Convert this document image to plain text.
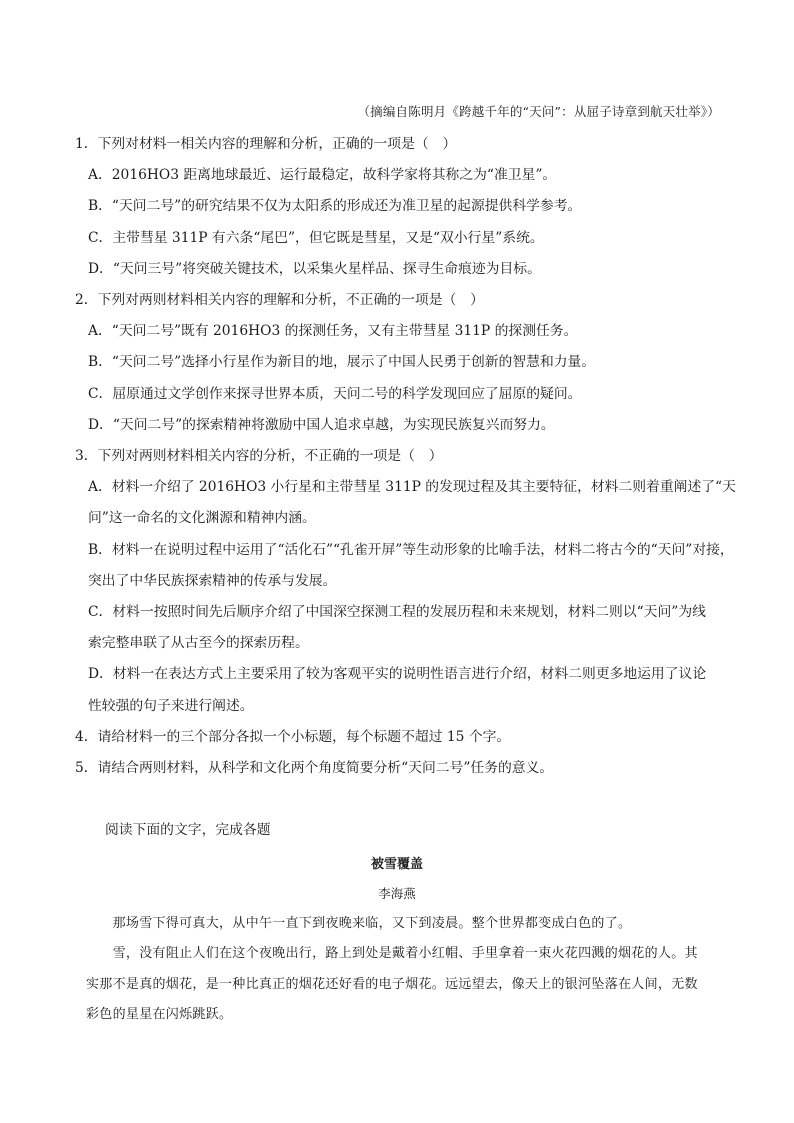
（摘编自陈明月《跨越千年的“天问”：从屈子诗章到航天壮举》）
1．下列对材料一相关内容的理解和分析，正确的一项是（　）
A．2016HO3 距离地球最近、运行最稳定，故科学家将其称之为“准卫星”。
B．“天问二号”的研究结果不仅为太阳系的形成还为准卫星的起源提供科学参考。
C．主带彗星 311P 有六条“尾巴”，但它既是彗星，又是“双小行星”系统。
D．“天问三号”将突破关键技术，以采集火星样品、探寻生命痕迹为目标。
2．下列对两则材料相关内容的理解和分析，不正确的一项是（　）
A．“天问二号”既有 2016HO3 的探测任务，又有主带彗星 311P 的探测任务。
B．“天问二号”选择小行星作为新目的地，展示了中国人民勇于创新的智慧和力量。
C．屈原通过文学创作来探寻世界本质，天问二号的科学发现回应了屈原的疑问。
D．“天问二号”的探索精神将激励中国人追求卓越，为实现民族复兴而努力。
3．下列对两则材料相关内容的分析，不正确的一项是（　）
A．材料一介绍了 2016HO3 小行星和主带彗星 311P 的发现过程及其主要特征，材料二则着重阐述了“天
问”这一命名的文化渊源和精神内涵。
B．材料一在说明过程中运用了“活化石”“孔雀开屏”等生动形象的比喻手法，材料二将古今的“天问”对接，
突出了中华民族探索精神的传承与发展。
C．材料一按照时间先后顺序介绍了中国深空探测工程的发展历程和未来规划，材料二则以“天问”为线
索完整串联了从古至今的探索历程。
D．材料一在表达方式上主要采用了较为客观平实的说明性语言进行介绍，材料二则更多地运用了议论
性较强的句子来进行阐述。
4．请给材料一的三个部分各拟一个小标题，每个标题不超过 15 个字。
5．请结合两则材料，从科学和文化两个角度简要分析“天问二号”任务的意义。
阅读下面的文字，完成各题
被雪覆盖
李海燕
　　那场雪下得可真大，从中午一直下到夜晚来临，又下到凌晨。整个世界都变成白色的了。
　　雪，没有阻止人们在这个夜晚出行，路上到处是戴着小红帽、手里拿着一束火花四溅的烟花的人。其
实那不是真的烟花，是一种比真正的烟花还好看的电子烟花。远远望去，像天上的银河坠落在人间，无数
彩色的星星在闪烁跳跃。
